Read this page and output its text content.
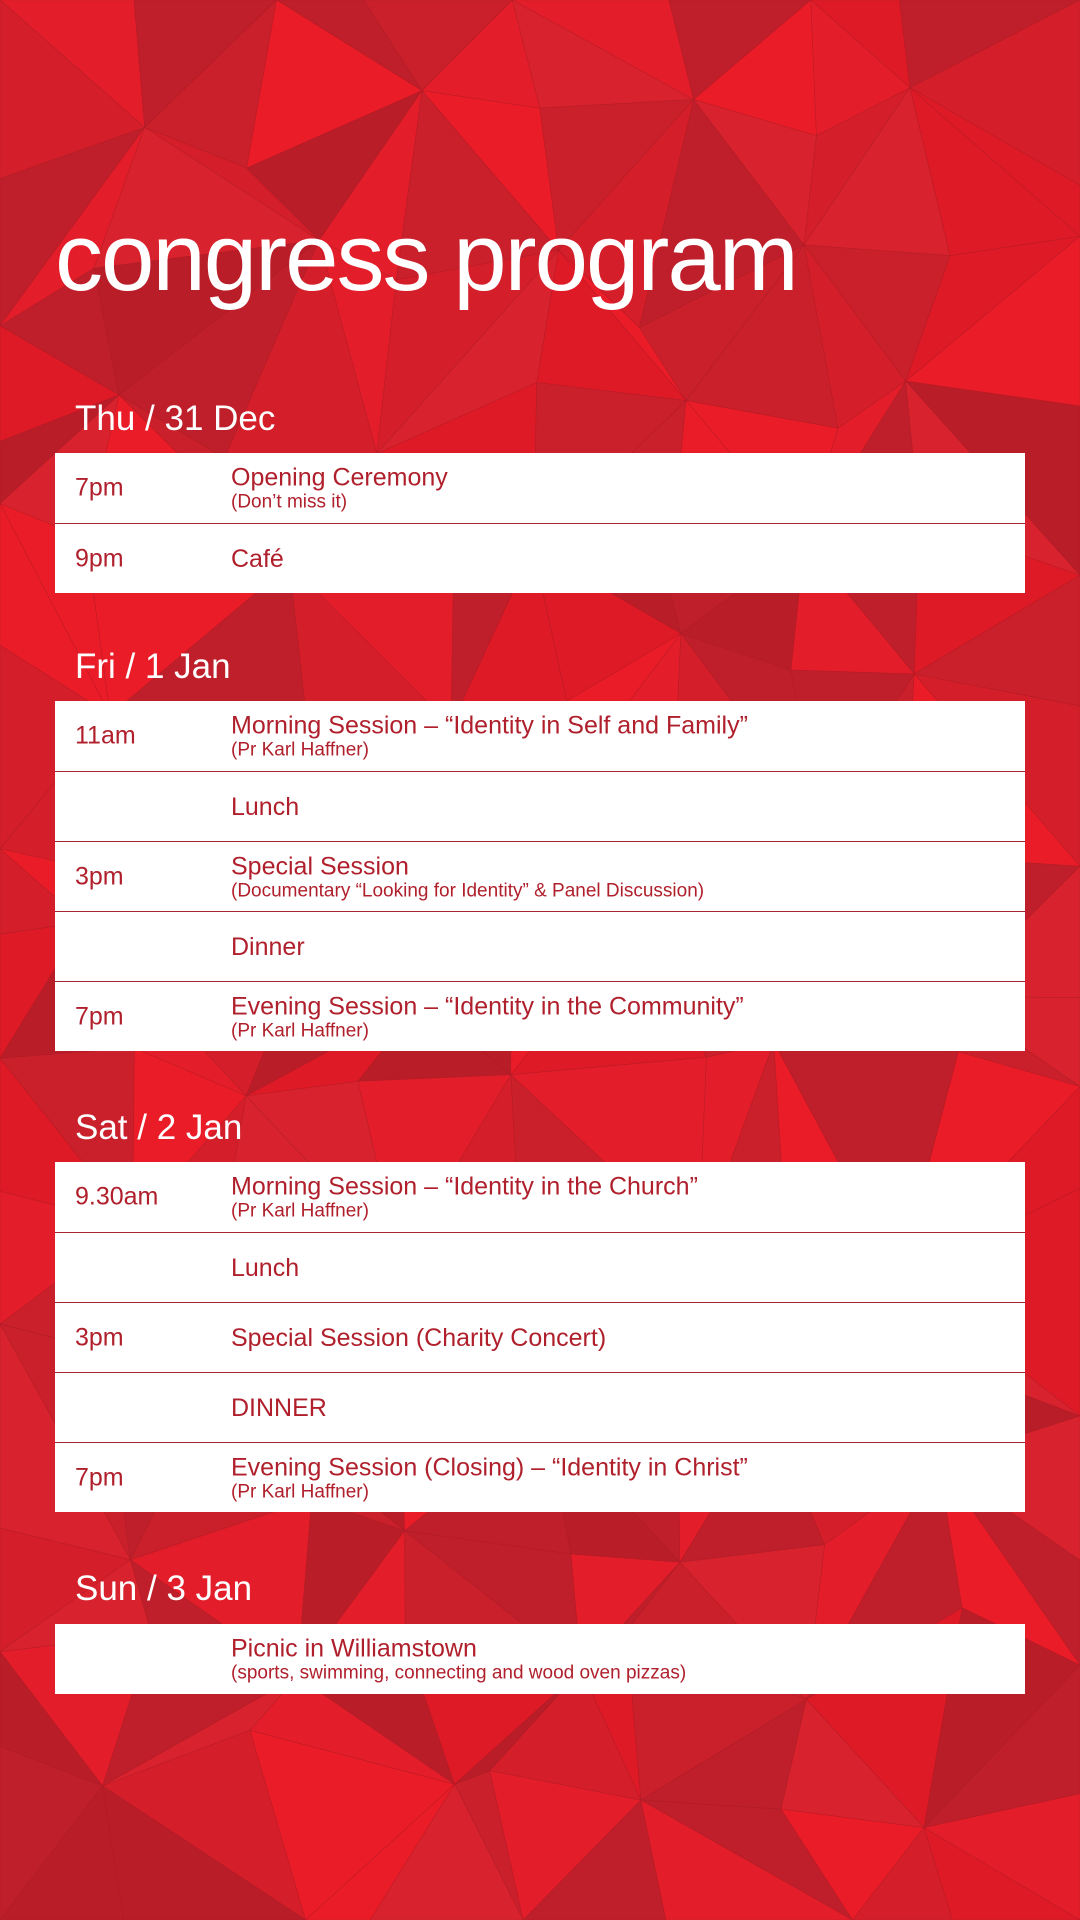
congress program
Thu / 31 Dec
7pm	Opening Ceremony
(Don’t miss it)
9pm	Café
Fri / 1 Jan
11am	Morning Session – “Identity in Self and Family”
(Pr Karl Haffner)
Lunch
3pm	Special Session
(Documentary “Looking for Identity” & Panel Discussion)
Dinner
7pm	Evening Session – “Identity in the Community”
(Pr Karl Haffner)
Sat / 2 Jan
9.30am	Morning Session – “Identity in the Church”
(Pr Karl Haffner)
Lunch
3pm	Special Session (Charity Concert)
DINNER
7pm	Evening Session (Closing) – “Identity in Christ”
(Pr Karl Haffner)
Sun / 3 Jan
Picnic in Williamstown
(sports, swimming, connecting and wood oven pizzas)
